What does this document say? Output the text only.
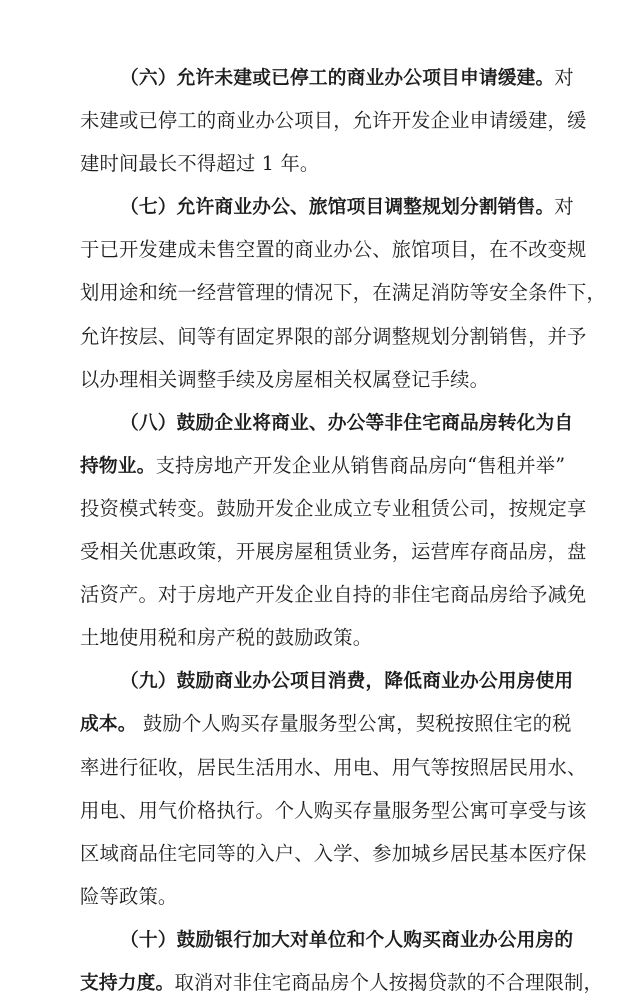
（六）允许未建或已停工的商业办公项目申请缓建。对
未建或已停工的商业办公项目，允许开发企业申请缓建，缓
建时间最长不得超过 1 年。
（七）允许商业办公、旅馆项目调整规划分割销售。对
于已开发建成未售空置的商业办公、旅馆项目，在不改变规
划用途和统一经营管理的情况下，在满足消防等安全条件下，
允许按层、间等有固定界限的部分调整规划分割销售，并予
以办理相关调整手续及房屋相关权属登记手续。
（八）鼓励企业将商业、办公等非住宅商品房转化为自
持物业。支持房地产开发企业从销售商品房向“售租并举”
投资模式转变。鼓励开发企业成立专业租赁公司，按规定享
受相关优惠政策，开展房屋租赁业务，运营库存商品房，盘
活资产。对于房地产开发企业自持的非住宅商品房给予减免
土地使用税和房产税的鼓励政策。
（九）鼓励商业办公项目消费，降低商业办公用房使用
成本。 鼓励个人购买存量服务型公寓，契税按照住宅的税
率进行征收，居民生活用水、用电、用气等按照居民用水、
用电、用气价格执行。个人购买存量服务型公寓可享受与该
区域商品住宅同等的入户、入学、参加城乡居民基本医疗保
险等政策。
（十）鼓励银行加大对单位和个人购买商业办公用房的
支持力度。取消对非住宅商品房个人按揭贷款的不合理限制，
